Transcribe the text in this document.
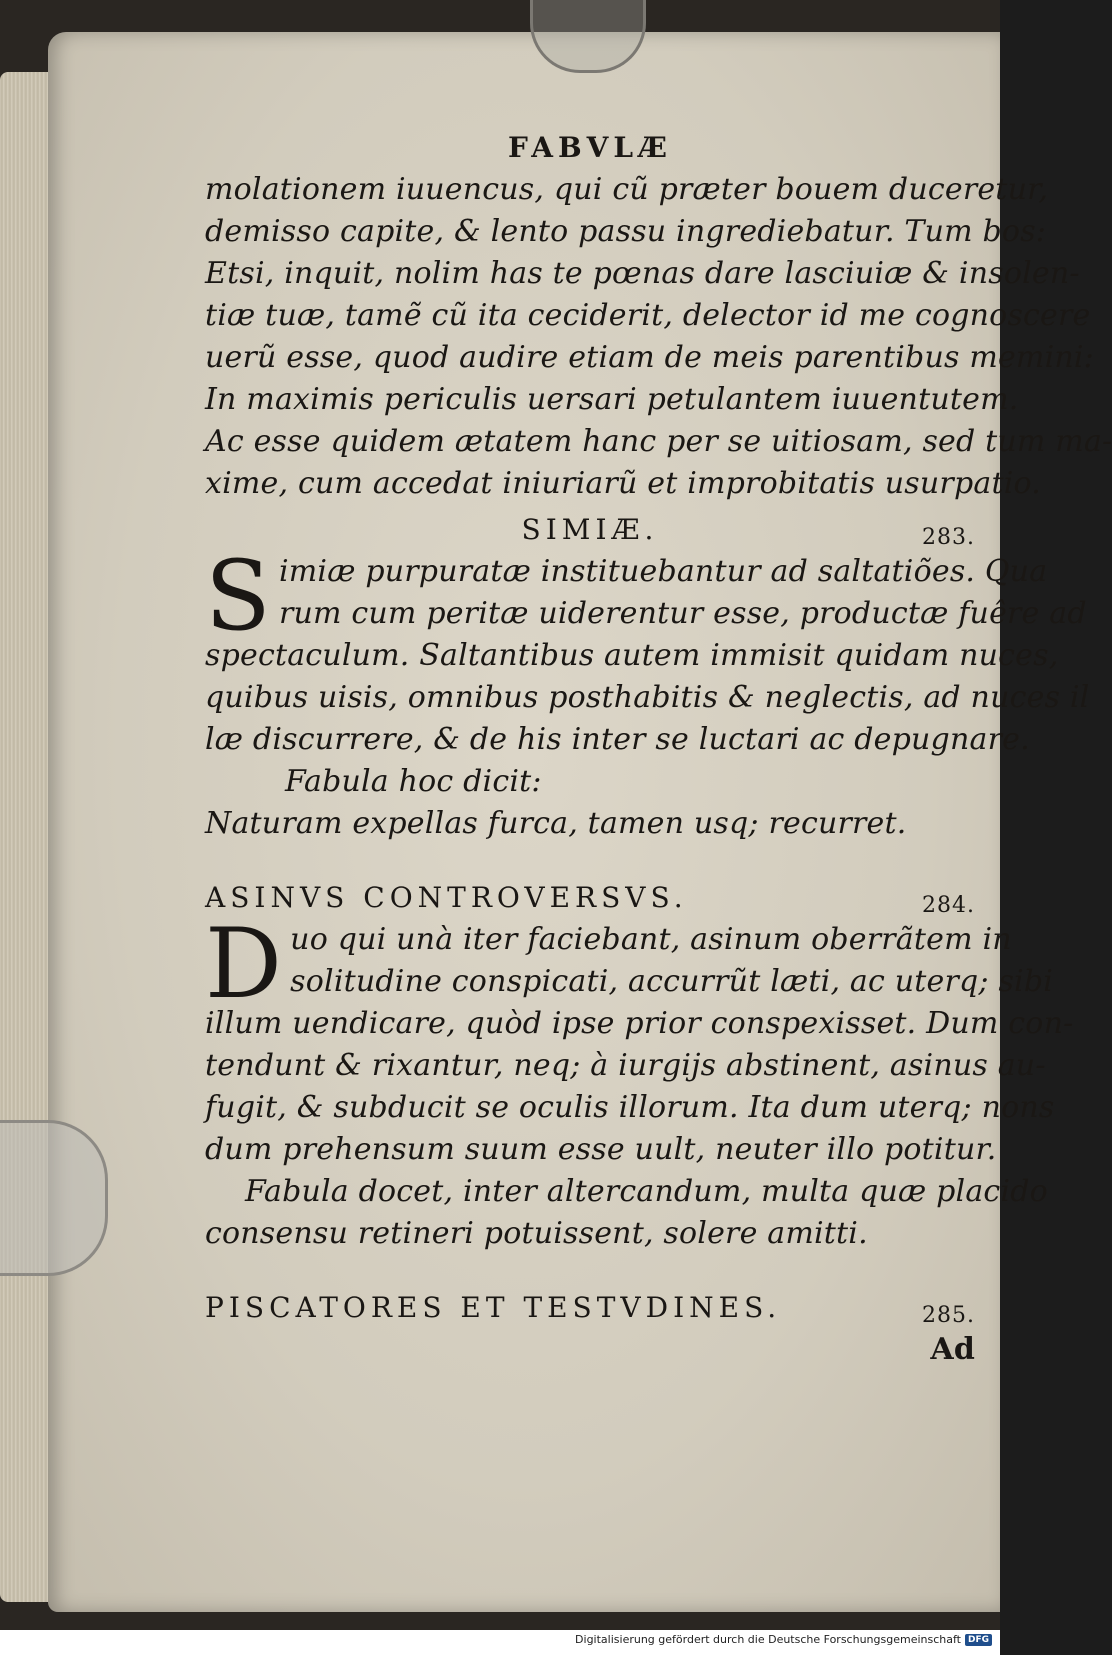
FABVLÆ
molationem iuuencus, qui cũ præter bouem duceretur,
demisso capite, & lento passu ingrediebatur. Tum bos:
Etsi, inquit, nolim has te pœnas dare lasciuiæ & insolen-
tiæ tuæ, tamẽ cũ ita ceciderit, delector id me cognoscere
uerũ esse, quod audire etiam de meis parentibus memini:
In maximis periculis uersari petulantem iuuentutem.
Ac esse quidem ætatem hanc per se uitiosam, sed tum ma-
xime, cum accedat iniuriarũ et improbitatis usurpatio.
SIMIÆ.	283.
S imiæ purpuratæ instituebantur ad saltatiões. Qua
rum cum peritæ uiderentur esse, productæ fuêre ad
spectaculum. Saltantibus autem immisit quidam nuces,
quibus uisis, omnibus posthabitis & neglectis, ad nuces il
læ discurrere, & de his inter se luctari ac depugnare.
Fabula hoc dicit:
Naturam expellas furca, tamen usq; recurret.
ASINVS CONTROVERSVS.	284.
D uo qui unà iter faciebant, asinum oberrãtem in
solitudine conspicati, accurrũt læti, ac uterq; sibi
illum uendicare, quòd ipse prior conspexisset. Dum con-
tendunt & rixantur, neq; à iurgijs abstinent, asinus au-
fugit, & subducit se oculis illorum. Ita dum uterq; nons
dum prehensum suum esse uult, neuter illo potitur.
Fabula docet, inter altercandum, multa quæ placido
consensu retineri potuissent, solere amitti.
PISCATORES ET TESTVDINES.	285.
Ad
Digitalisierung gefördert durch die Deutsche Forschungsgemeinschaft DFG
